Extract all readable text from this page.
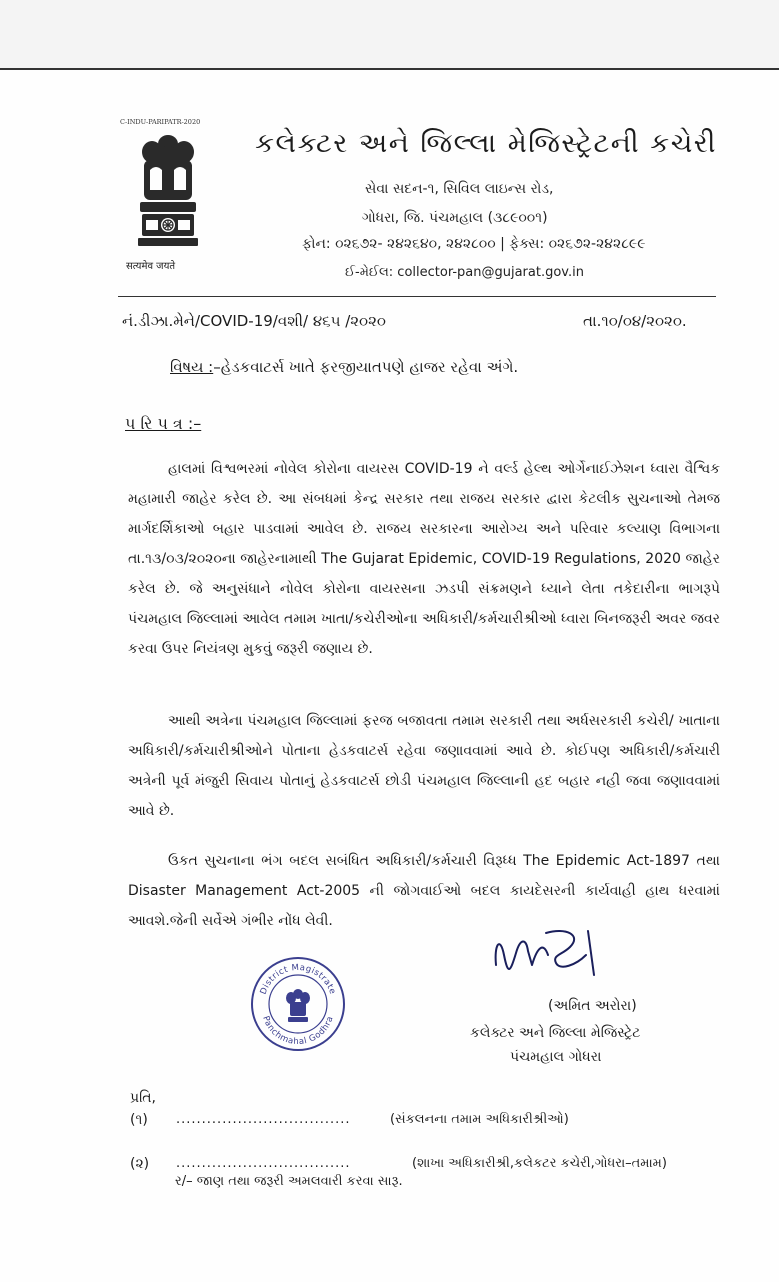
C-INDU-PARIPATR-2020
सत्यमेव जयते
કલેક્ટર અને જિલ્લા મેજિસ્ટ્રેટની કચેરી
સેવા સદન-૧, સિવિલ લાઇન્સ રોડ,
ગોધરા, જિ. પંચમહાલ (૩૮૯૦૦૧)
ફોન: ૦૨૬૭૨- ૨૪૨૬૪૦, ૨૪૨૮૦૦ | ફેક્સ: ૦૨૬૭૨-૨૪૨૮૯૯
ઈ-મેઈલ: collector-pan@gujarat.gov.in
નં.ડીઝા.મેને/COVID-19/વશી/ ૪૬૫ /૨૦૨૦	તા.૧૦/૦૪/૨૦૨૦.
વિષય :–હેડકવાટર્સ ખાતે ફરજીયાતપણે હાજર રહેવા અંગે.
પ રિ પ ત્ર :–
હાલમાં વિશ્વભરમાં નોવેલ કોરોના વાયરસ COVID-19 ને વર્લ્ડ હેલ્થ ઓર્ગેનાઈઝેશન ધ્વારા વૈશ્વિક મહામારી જાહેર કરેલ છે. આ સંબધમાં કેન્દ્ર સરકાર તથા રાજય સરકાર દ્વારા કેટલીક સુચનાઓ તેમજ માર્ગદર્શિકાઓ બહાર પાડવામાં આવેલ છે. રાજય સરકારના આરોગ્ય અને પરિવાર કલ્યાણ વિભાગના તા.૧૩/૦૩/૨૦૨૦ના જાહેરનામાથી The Gujarat Epidemic, COVID-19 Regulations, 2020 જાહેર કરેલ છે. જે અનુસંધાને નોવેલ કોરોના વાયરસના ઝડપી સંક્રમણને ધ્યાને લેતા તકેદારીના ભાગરૂપે પંચમહાલ જિલ્લામાં આવેલ તમામ ખાતા/કચેરીઓના અધિકારી/કર્મચારીશ્રીઓ ધ્વારા બિનજરૂરી અવર જવર કરવા ઉપર નિયંત્રણ મુકવું જરૂરી જણાય છે.
આથી અત્રેના પંચમહાલ જિલ્લામાં ફરજ બજાવતા તમામ સરકારી તથા અર્ધસરકારી કચેરી/ ખાતાના અધિકારી/કર્મચારીશ્રીઓને પોતાના હેડકવાટર્સ રહેવા જણાવવામાં આવે છે. કોઈપણ અધિકારી/કર્મચારી અત્રેની પૂર્વ મંજુરી સિવાય પોતાનું હેડકવાટર્સ છોડી પંચમહાલ જિલ્લાની હદ બહાર નહી જવા જણાવવામાં આવે છે.
ઉકત સુચનાના ભંગ બદલ સબંધિત અધિકારી/કર્મચારી વિરૂધ્ધ The Epidemic Act-1897 તથા Disaster Management Act-2005 ની જોગવાઈઓ બદલ કાયદેસરની કાર્યવાહી હાથ ધરવામાં આવશે.જેની સર્વેએ ગંભીર નોંધ લેવી.
District Magistrate
Panchmahal Godhra
(અમિત અરોરા)
કલેક્ટર અને જિલ્લા મેજિસ્ટ્રેટ
પંચમહાલ ગોધરા
પ્રતિ,
(૧) ..................................	(સંકલનના તમામ અધિકારીશ્રીઓ)
(૨) ..................................	(શાખા અધિકારીશ્રી,કલેકટર કચેરી,ગોધરા–તમામ)
ર/– જાણ તથા જરૂરી અમલવારી કરવા સારૂ.
